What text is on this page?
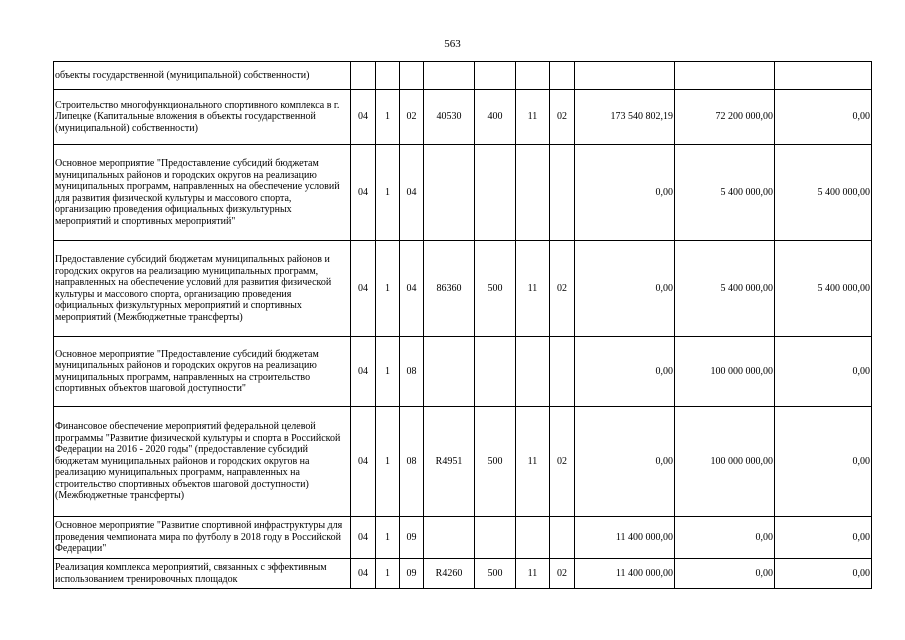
563
объекты государственной (муниципальной) собственности)										
Строительство многофункционального спортивного комплекса в г. Липецке (Капитальные вложения в объекты государственной (муниципальной) собственности)	04	1	02	40530	400	11	02	173 540 802,19	72 200 000,00	0,00
Основное мероприятие "Предоставление субсидий бюджетам муниципальных районов и городских округов на реализацию муниципальных программ, направленных на обеспечение условий для развития физической культуры и массового спорта, организацию проведения официальных физкультурных мероприятий и спортивных мероприятий"	04	1	04					0,00	5 400 000,00	5 400 000,00
Предоставление субсидий бюджетам муниципальных районов и городских округов на реализацию муниципальных программ, направленных на обеспечение условий для развития физической культуры и массового спорта, организацию проведения официальных физкультурных мероприятий и спортивных мероприятий (Межбюджетные трансферты)	04	1	04	86360	500	11	02	0,00	5 400 000,00	5 400 000,00
Основное мероприятие "Предоставление субсидий бюджетам муниципальных районов и городских округов на реализацию муниципальных программ, направленных на строительство спортивных объектов шаговой доступности"	04	1	08					0,00	100 000 000,00	0,00
Финансовое обеспечение мероприятий федеральной целевой программы "Развитие физической культуры и спорта в Российской Федерации на 2016 - 2020 годы" (предоставление субсидий бюджетам муниципальных районов и городских округов на реализацию муниципальных программ, направленных на строительство спортивных объектов шаговой доступности) (Межбюджетные трансферты)	04	1	08	R4951	500	11	02	0,00	100 000 000,00	0,00
Основное мероприятие "Развитие спортивной инфраструктуры для проведения чемпионата мира по футболу в 2018 году в Российской Федерации"	04	1	09					11 400 000,00	0,00	0,00
Реализация комплекса мероприятий, связанных с эффективным использованием тренировочных площадок	04	1	09	R4260	500	11	02	11 400 000,00	0,00	0,00
